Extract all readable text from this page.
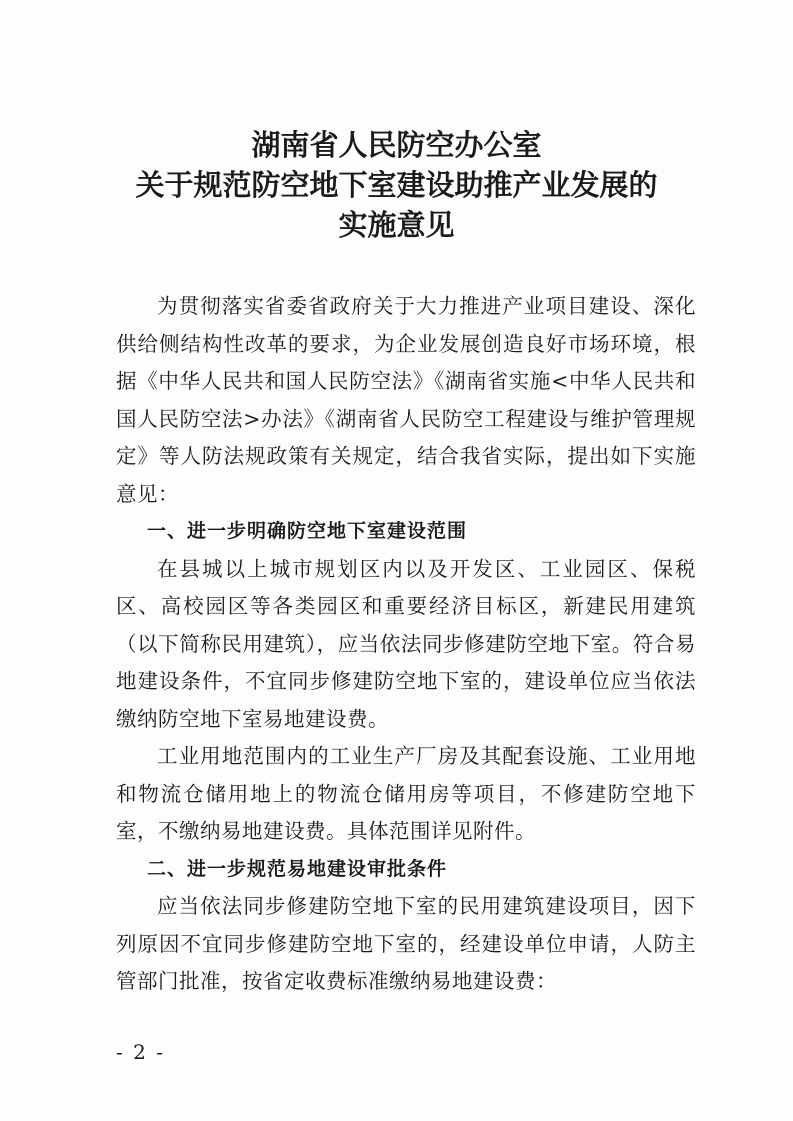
湖南省人民防空办公室
关于规范防空地下室建设助推产业发展的
实施意见

为贯彻落实省委省政府关于大力推进产业项目建设、深化供给侧结构性改革的要求，为企业发展创造良好市场环境，根据《中华人民共和国人民防空法》《湖南省实施<中华人民共和国人民防空法>办法》《湖南省人民防空工程建设与维护管理规定》等人防法规政策有关规定，结合我省实际，提出如下实施意见：

一、进一步明确防空地下室建设范围

在县城以上城市规划区内以及开发区、工业园区、保税区、高校园区等各类园区和重要经济目标区，新建民用建筑（以下简称民用建筑），应当依法同步修建防空地下室。符合易地建设条件，不宜同步修建防空地下室的，建设单位应当依法缴纳防空地下室易地建设费。

工业用地范围内的工业生产厂房及其配套设施、工业用地和物流仓储用地上的物流仓储用房等项目，不修建防空地下室，不缴纳易地建设费。具体范围详见附件。

二、进一步规范易地建设审批条件

应当依法同步修建防空地下室的民用建筑建设项目，因下列原因不宜同步修建防空地下室的，经建设单位申请，人防主管部门批准，按省定收费标准缴纳易地建设费：

- 2 -
